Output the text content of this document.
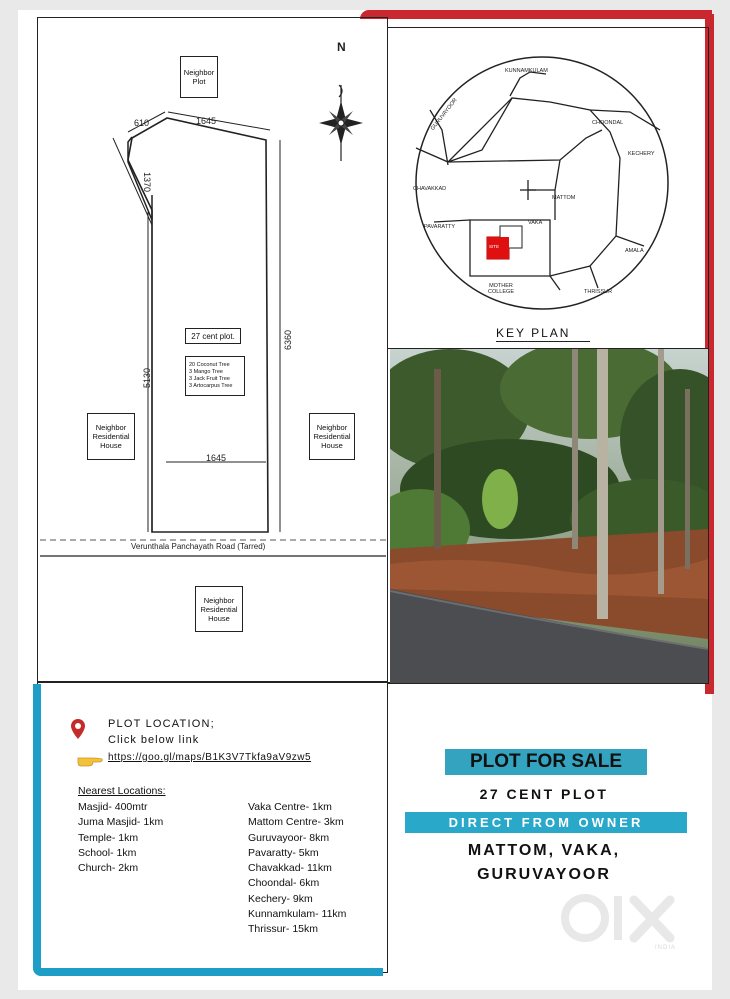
N
Neighbor
Plot
610	1645
1370
5130
6360
1645
27 cent plot.
20 Coconut Tree
3 Mango Tree
3 Jack Fruit Tree
3 Artocarpus Tree
Neighbor
Residential
House
Neighbor
Residential
House
Verunthala Panchayath Road (Tarred)
Neighbor
Residential
House
KUNNAMKULAM
GURUVAYOOR	CHOONDAL
KECHERY
CHAVAKKAD
MATTOM
PAVARATTY
VAKA
SITE
AMALA
MOTHER
COLLEGE	THRISSUR
KEY PLAN
PLOT LOCATION;
Click below link
https://goo.gl/maps/B1K3V7Tkfa9aV9zw5
Nearest Locations:
Masjid- 400mtr
Juma Masjid- 1km
Temple- 1km
School- 1km
Church- 2km
Vaka Centre- 1km
Mattom Centre- 3km
Guruvayoor- 8km
Pavaratty- 5km
Chavakkad- 11km
Choondal- 6km
Kechery- 9km
Kunnamkulam- 11km
Thrissur- 15km
PLOT FOR SALE
27 CENT PLOT
DIRECT FROM OWNER
MATTOM, VAKA,
GURUVAYOOR
INDIA
